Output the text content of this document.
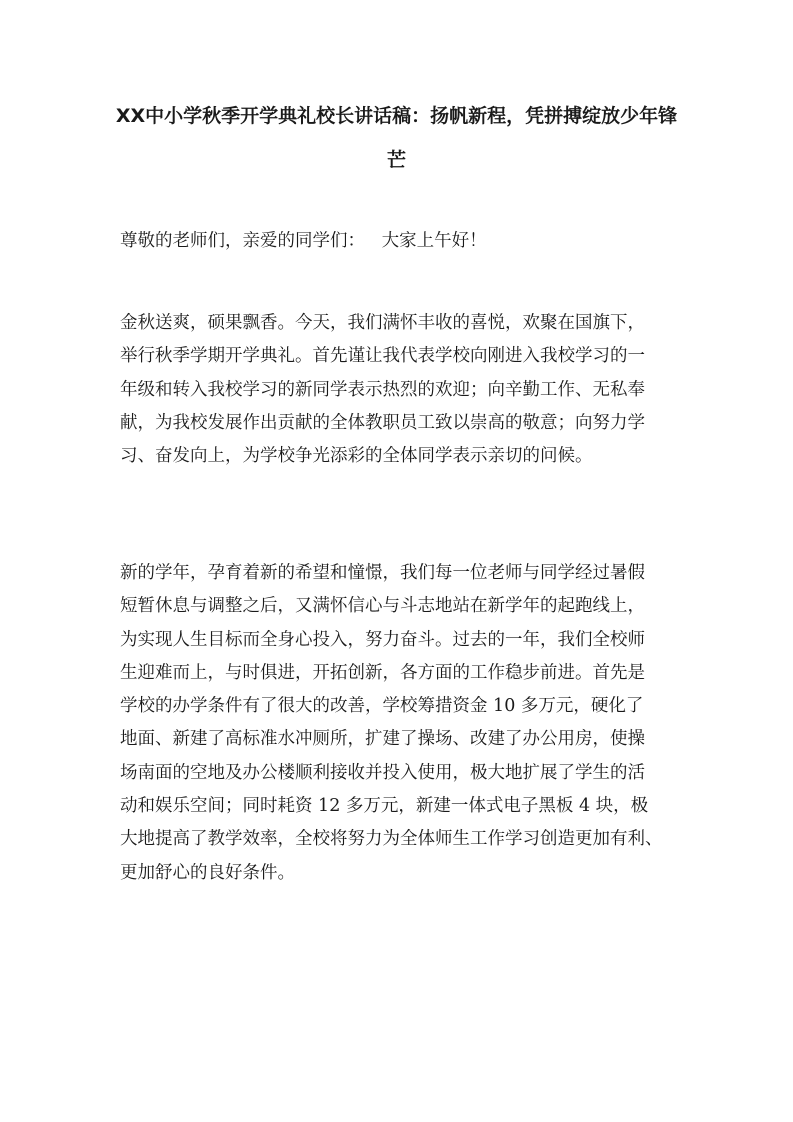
XX中小学秋季开学典礼校长讲话稿：扬帆新程，凭拼搏绽放少年锋
芒

尊敬的老师们，亲爱的同学们：   大家上午好！

金秋送爽，硕果飘香。今天，我们满怀丰收的喜悦，欢聚在国旗下，
举行秋季学期开学典礼。首先谨让我代表学校向刚进入我校学习的一
年级和转入我校学习的新同学表示热烈的欢迎；向辛勤工作、无私奉
献，为我校发展作出贡献的全体教职员工致以崇高的敬意；向努力学
习、奋发向上，为学校争光添彩的全体同学表示亲切的问候。

新的学年，孕育着新的希望和憧憬，我们每一位老师与同学经过暑假
短暂休息与调整之后，又满怀信心与斗志地站在新学年的起跑线上，
为实现人生目标而全身心投入，努力奋斗。过去的一年，我们全校师
生迎难而上，与时俱进，开拓创新，各方面的工作稳步前进。首先是
学校的办学条件有了很大的改善，学校筹措资金 10 多万元，硬化了
地面、新建了高标准水冲厕所，扩建了操场、改建了办公用房，使操
场南面的空地及办公楼顺利接收并投入使用，极大地扩展了学生的活
动和娱乐空间；同时耗资 12 多万元，新建一体式电子黑板 4 块，极
大地提高了教学效率，全校将努力为全体师生工作学习创造更加有利、
更加舒心的良好条件。
